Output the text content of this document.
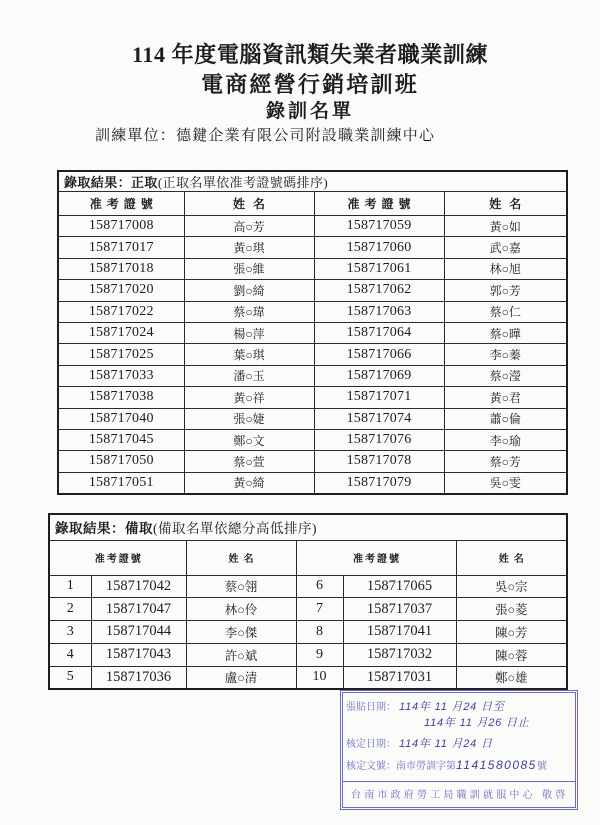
114 年度電腦資訊類失業者職業訓練
電商經營行銷培訓班
錄訓名單
訓練單位：德鍵企業有限公司附設職業訓練中心
錄取結果：正取(正取名單依准考證號碼排序)			
准考證號	姓名	准考證號	姓名
158717008	高○芳	158717059	黃○如
158717017	黃○琪	158717060	武○嘉
158717018	張○維	158717061	林○旭
158717020	劉○綺	158717062	郭○芳
158717022	蔡○瑋	158717063	蔡○仁
158717024	楊○萍	158717064	蔡○曄
158717025	葉○琪	158717066	李○蓁
158717033	潘○玉	158717069	蔡○瀅
158717038	黃○祥	158717071	黃○君
158717040	張○婕	158717074	蕭○倫
158717045	鄭○文	158717076	李○瑜
158717050	蔡○萱	158717078	蔡○芳
158717051	黃○綺	158717079	吳○雯
錄取結果：備取(備取名單依總分高低排序)					
准考證號		姓名	准考證號		姓名
1	158717042	蔡○翎	6	158717065	吳○宗
2	158717047	林○伶	7	158717037	張○菱
3	158717044	李○傑	8	158717041	陳○芳
4	158717043	許○斌	9	158717032	陳○蓉
5	158717036	盧○清	10	158717031	鄭○雄
張貼日期： 114年 11 月24 日至
114年 11 月26 日止
核定日期： 114年 11 月24 日
核定文號：南市勞訓字第1141580085號
台南市政府勞工局職訓就服中心 敬啓
